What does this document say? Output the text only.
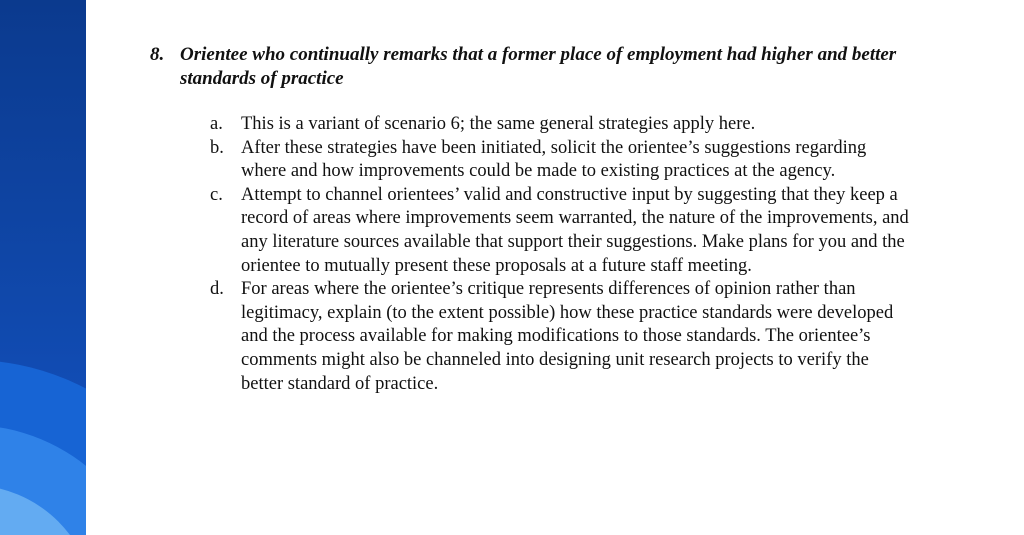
8. Orientee who continually remarks that a former place of employment had higher and better standards of practice
a. This is a variant of scenario 6; the same general strategies apply here.
b. After these strategies have been initiated, solicit the orientee’s suggestions regarding where and how improvements could be made to existing practices at the agency.
c. Attempt to channel orientees’ valid and constructive input by suggesting that they keep a record of areas where improvements seem warranted, the nature of the improvements, and any literature sources available that support their suggestions. Make plans for you and the orientee to mutually present these proposals at a future staff meeting.
d. For areas where the orientee’s critique represents differences of opinion rather than legitimacy, explain (to the extent possible) how these practice standards were developed and the process available for making modifications to those standards. The orientee’s comments might also be channeled into designing unit research projects to verify the better standard of practice.
